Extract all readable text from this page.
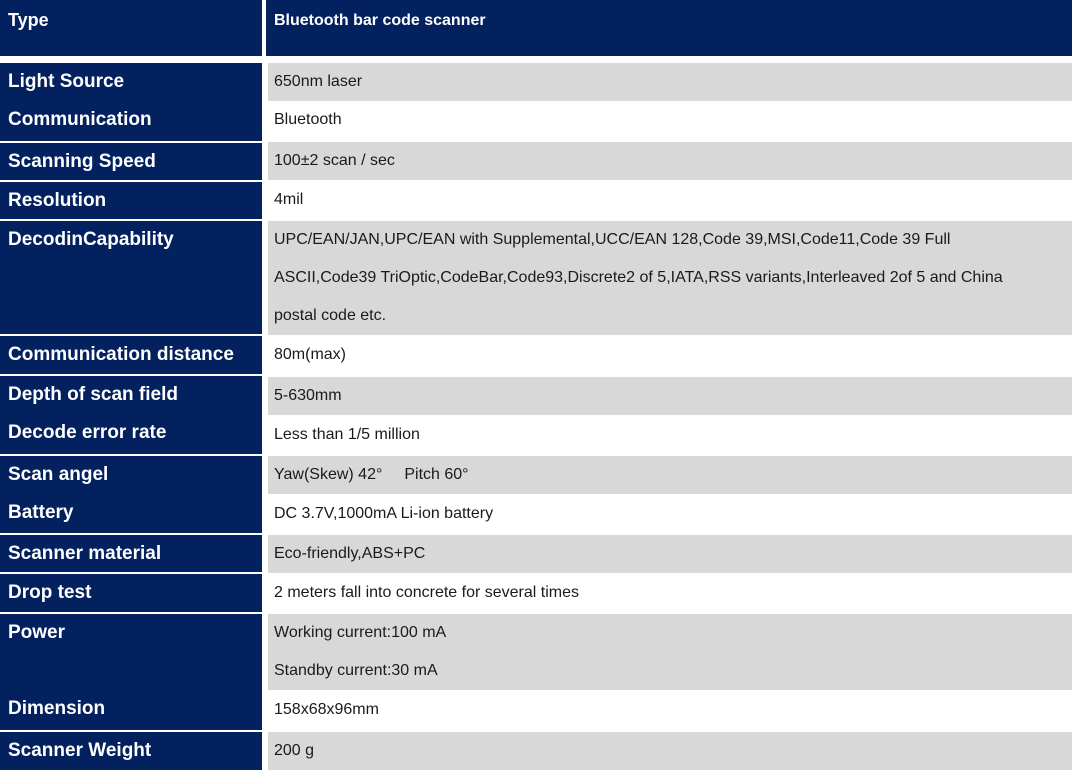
Type	Bluetooth bar code scanner
Light Source
Communication
Scanning Speed
Resolution
DecodinCapability
Communication distance
Depth of scan field
Decode error rate
Scan angel
Battery
Scanner material
Drop test
Power

Dimension
Scanner Weight
650nm laser
Bluetooth
100±2 scan / sec
4mil
UPC/EAN/JAN,UPC/EAN with Supplemental,UCC/EAN 128,Code 39,MSI,Code11,Code 39 Full
ASCII,Code39 TriOptic,CodeBar,Code93,Discrete2 of 5,IATA,RSS variants,Interleaved 2of 5 and China
postal code etc.
80m(max)
5-630mm
Less than 1/5 million
Yaw(Skew) 42° Pitch 60°
DC 3.7V,1000mA Li-ion battery
Eco-friendly,ABS+PC
2 meters fall into concrete for several times
Working current:100 mA
Standby current:30 mA
158x68x96mm
200 g
